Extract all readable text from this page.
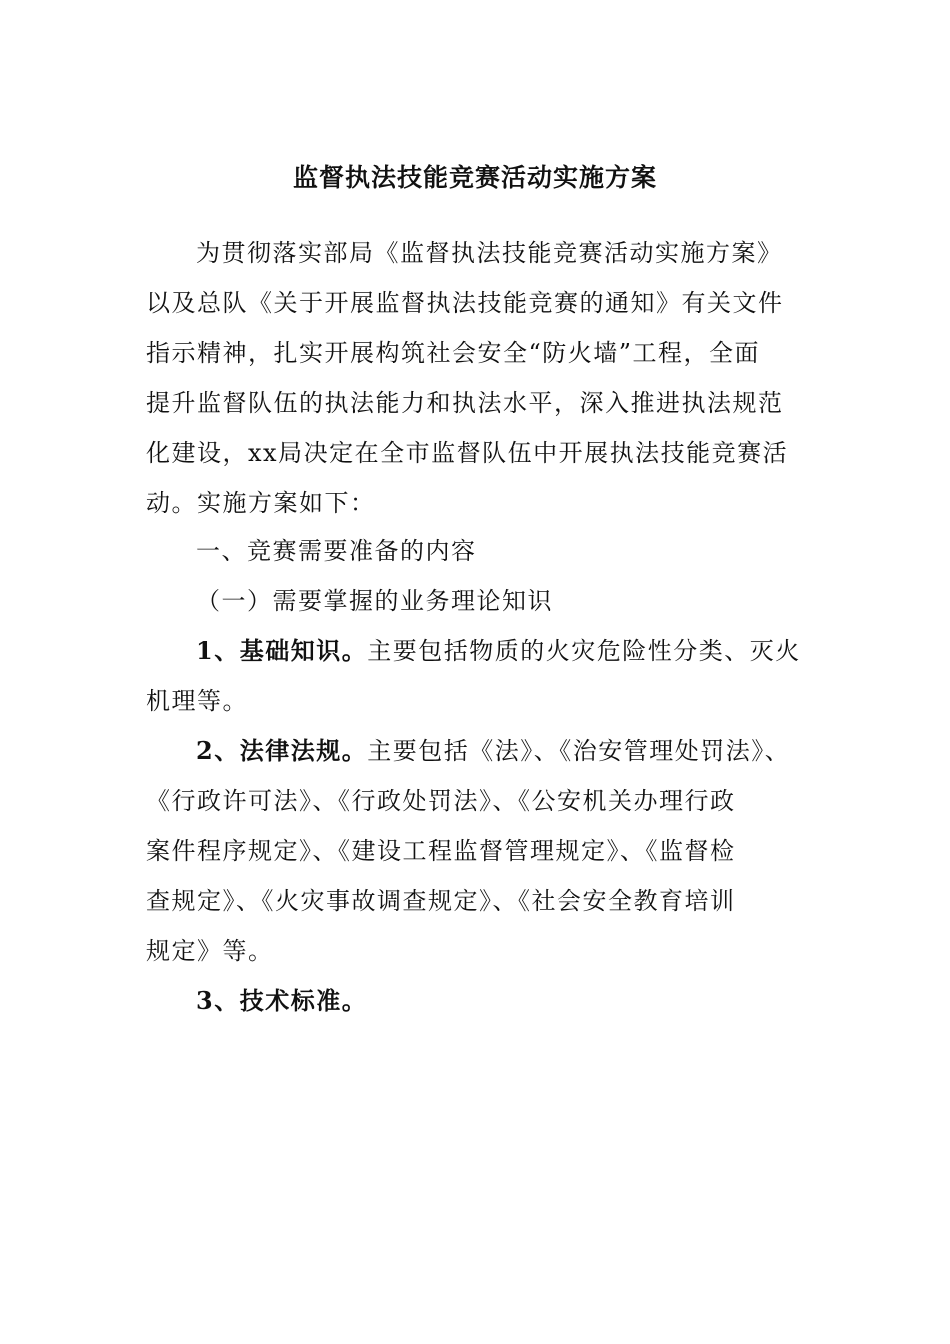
监督执法技能竞赛活动实施方案
为贯彻落实部局《监督执法技能竞赛活动实施方案》
以及总队《关于开展监督执法技能竞赛的通知》有关文件
指示精神，扎实开展构筑社会安全“防火墙”工程，全面
提升监督队伍的执法能力和执法水平，深入推进执法规范
化建设，xx局决定在全市监督队伍中开展执法技能竞赛活
动。实施方案如下：
一、竞赛需要准备的内容
（一）需要掌握的业务理论知识
1、基础知识。主要包括物质的火灾危险性分类、灭火
机理等。
2、法律法规。主要包括《法》、《治安管理处罚法》、
《行政许可法》、《行政处罚法》、《公安机关办理行政
案件程序规定》、《建设工程监督管理规定》、《监督检
查规定》、《火灾事故调查规定》、《社会安全教育培训
规定》等。
3、技术标准。
